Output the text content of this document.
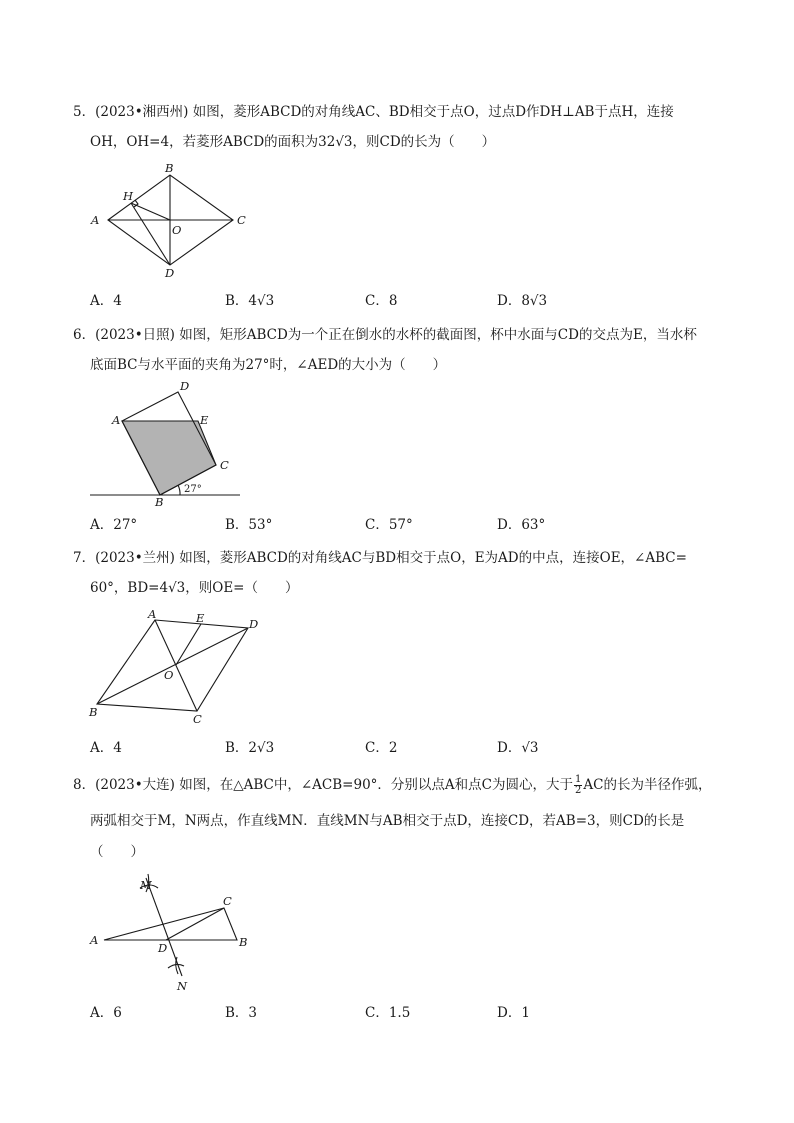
5．(2023•湘西州) 如图，菱形ABCD的对角线AC、BD相交于点O，过点D作DH⊥AB于点H，连接
OH，OH=4，若菱形ABCD的面积为32√3，则CD的长为（　　）
A
B
C
D
O
H
A．4	B．4√3	C．8	D．8√3
6．(2023•日照) 如图，矩形ABCD为一个正在倒水的水杯的截面图，杯中水面与CD的交点为E，当水杯
底面BC与水平面的夹角为27°时，∠AED的大小为（　　）
A
B
C
D
E
27°
A．27°	B．53°	C．57°	D．63°
7．(2023•兰州) 如图，菱形ABCD的对角线AC与BD相交于点O，E为AD的中点，连接OE，∠ABC=
60°，BD=4√3，则OE=（　　）
A
B	C
D
E
O
A．4	B．2√3	C．2	D．√3
8．(2023•大连) 如图，在△ABC中，∠ACB=90°．分别以点A和点C为圆心，大于 $\frac{1}{2}$ AC的长为半径作弧，
两弧相交于M，N两点，作直线MN．直线MN与AB相交于点D，连接CD，若AB=3，则CD的长是
（　　）
A	B
C
D
M
N
A．6	B．3	C．1.5	D．1
